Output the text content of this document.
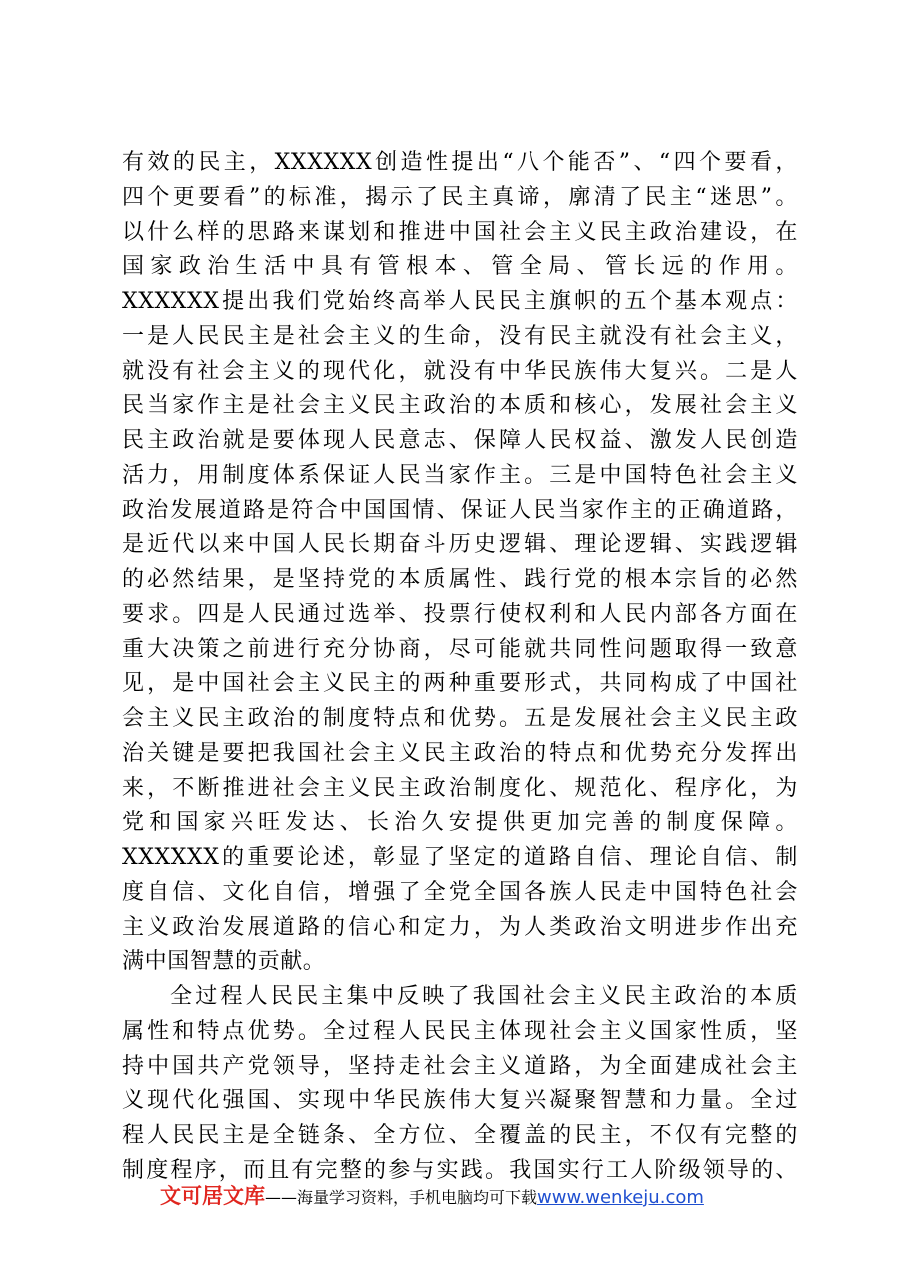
有效的民主，XXXXXX创造性提出“八个能否”、“四个要看，
四个更要看”的标准，揭示了民主真谛，廓清了民主“迷思”。
以什么样的思路来谋划和推进中国社会主义民主政治建设，在
国家政治生活中具有管根本、管全局、管长远的作用。
XXXXXX提出我们党始终高举人民民主旗帜的五个基本观点：
一是人民民主是社会主义的生命，没有民主就没有社会主义，
就没有社会主义的现代化，就没有中华民族伟大复兴。二是人
民当家作主是社会主义民主政治的本质和核心，发展社会主义
民主政治就是要体现人民意志、保障人民权益、激发人民创造
活力，用制度体系保证人民当家作主。三是中国特色社会主义
政治发展道路是符合中国国情、保证人民当家作主的正确道路，
是近代以来中国人民长期奋斗历史逻辑、理论逻辑、实践逻辑
的必然结果，是坚持党的本质属性、践行党的根本宗旨的必然
要求。四是人民通过选举、投票行使权利和人民内部各方面在
重大决策之前进行充分协商，尽可能就共同性问题取得一致意
见，是中国社会主义民主的两种重要形式，共同构成了中国社
会主义民主政治的制度特点和优势。五是发展社会主义民主政
治关键是要把我国社会主义民主政治的特点和优势充分发挥出
来，不断推进社会主义民主政治制度化、规范化、程序化，为
党和国家兴旺发达、长治久安提供更加完善的制度保障。
XXXXXX的重要论述，彰显了坚定的道路自信、理论自信、制
度自信、文化自信，增强了全党全国各族人民走中国特色社会
主义政治发展道路的信心和定力，为人类政治文明进步作出充
满中国智慧的贡献。
全过程人民民主集中反映了我国社会主义民主政治的本质
属性和特点优势。全过程人民民主体现社会主义国家性质，坚
持中国共产党领导，坚持走社会主义道路，为全面建成社会主
义现代化强国、实现中华民族伟大复兴凝聚智慧和力量。全过
程人民民主是全链条、全方位、全覆盖的民主，不仅有完整的
制度程序，而且有完整的参与实践。我国实行工人阶级领导的、
文可居文库——海量学习资料，手机电脑均可下载www.wenkeju.com
